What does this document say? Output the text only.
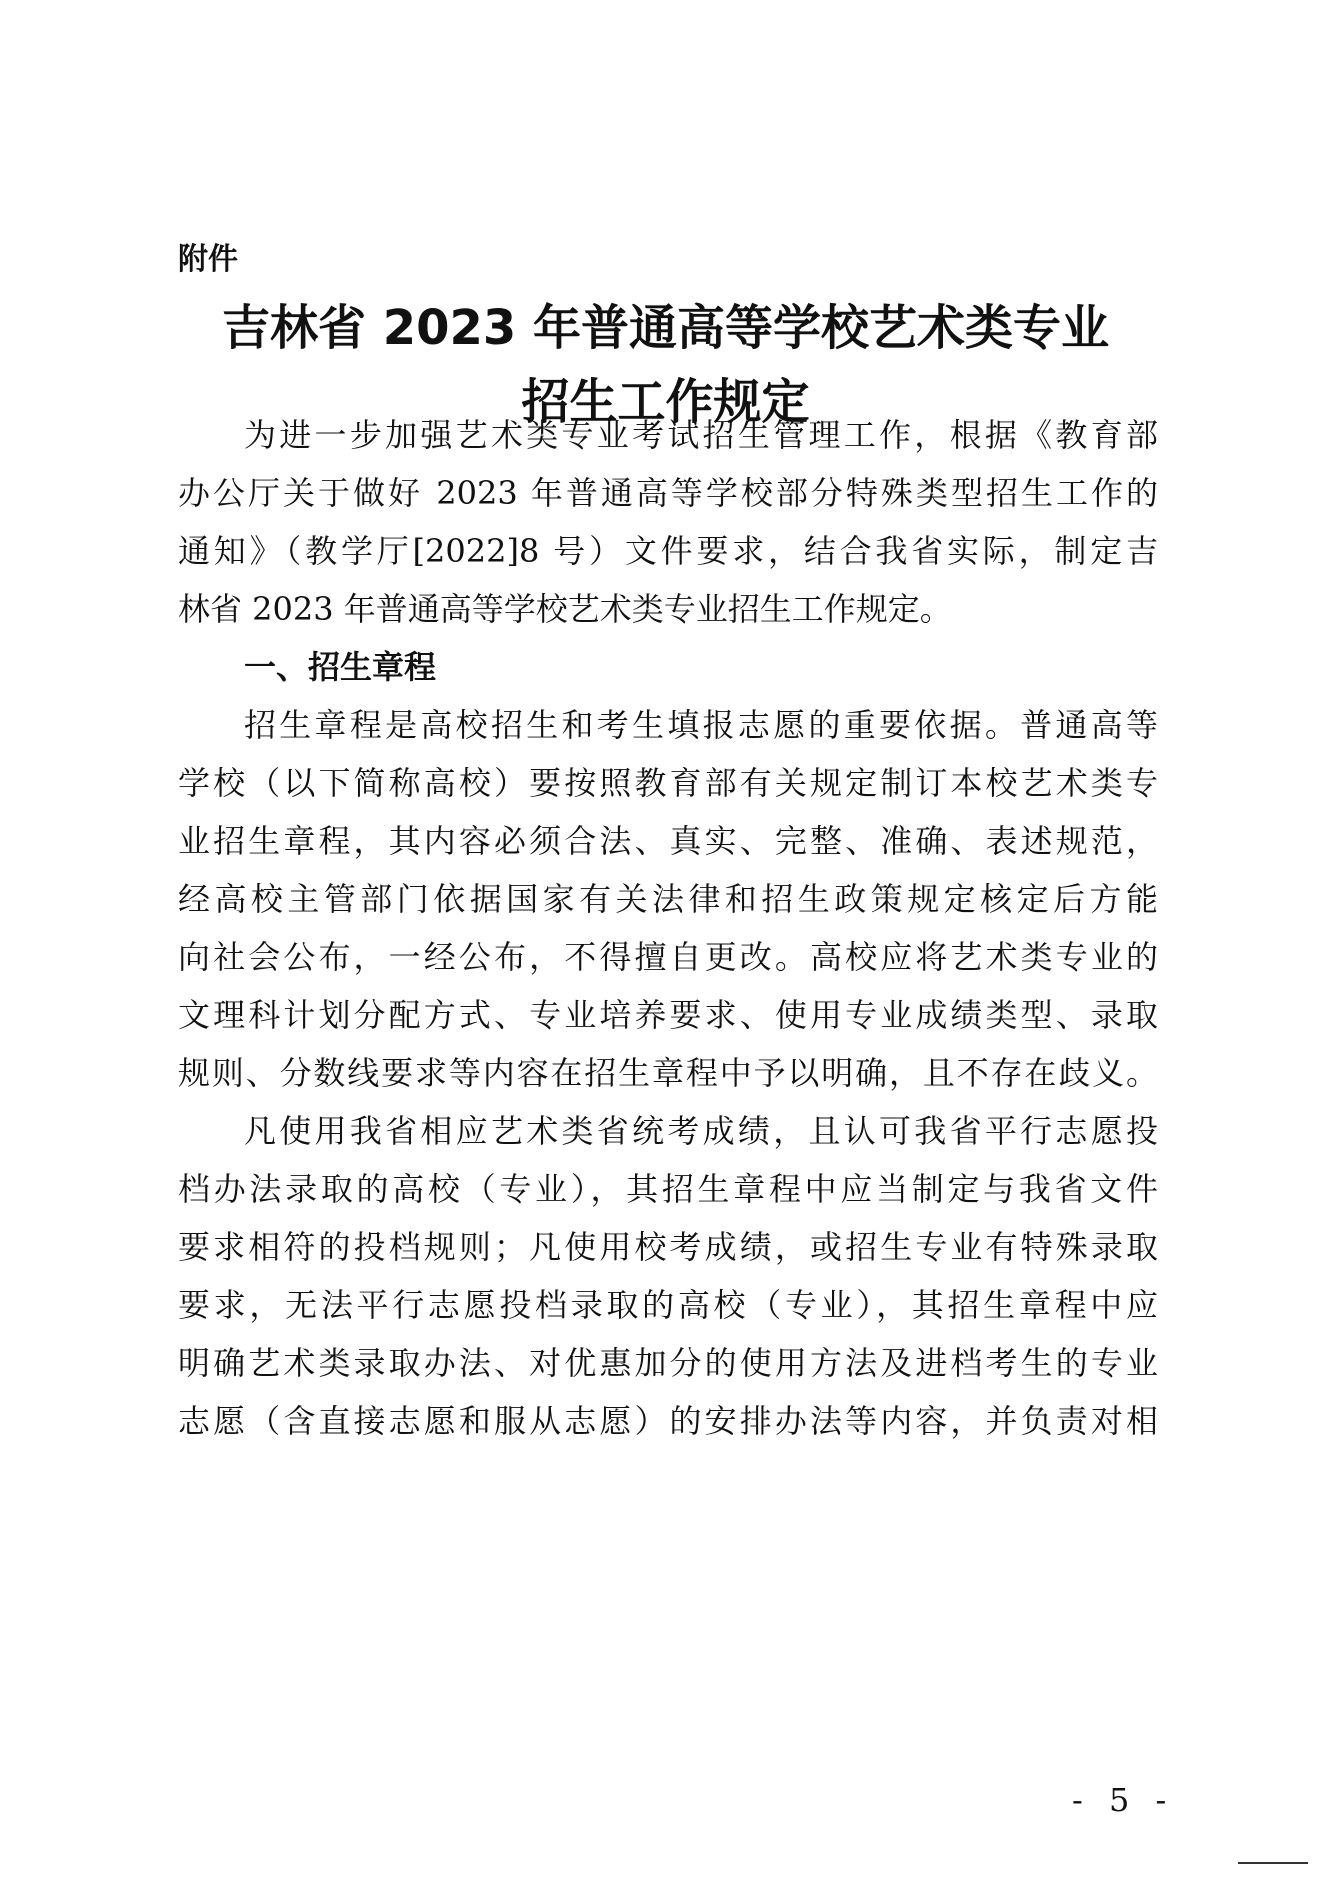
附件
吉林省 2023 年普通高等学校艺术类专业
招生工作规定
为进一步加强艺术类专业考试招生管理工作，根据《教育部
办公厅关于做好 2023 年普通高等学校部分特殊类型招生工作的
通知》（教学厅[2022]8 号）文件要求，结合我省实际，制定吉
林省 2023 年普通高等学校艺术类专业招生工作规定。
一、招生章程
招生章程是高校招生和考生填报志愿的重要依据。普通高等
学校（以下简称高校）要按照教育部有关规定制订本校艺术类专
业招生章程，其内容必须合法、真实、完整、准确、表述规范，
经高校主管部门依据国家有关法律和招生政策规定核定后方能
向社会公布，一经公布，不得擅自更改。高校应将艺术类专业的
文理科计划分配方式、专业培养要求、使用专业成绩类型、录取
规则、分数线要求等内容在招生章程中予以明确，且不存在歧义。
凡使用我省相应艺术类省统考成绩，且认可我省平行志愿投
档办法录取的高校（专业），其招生章程中应当制定与我省文件
要求相符的投档规则；凡使用校考成绩，或招生专业有特殊录取
要求，无法平行志愿投档录取的高校（专业），其招生章程中应
明确艺术类录取办法、对优惠加分的使用方法及进档考生的专业
志愿（含直接志愿和服从志愿）的安排办法等内容，并负责对相
- 5 -
